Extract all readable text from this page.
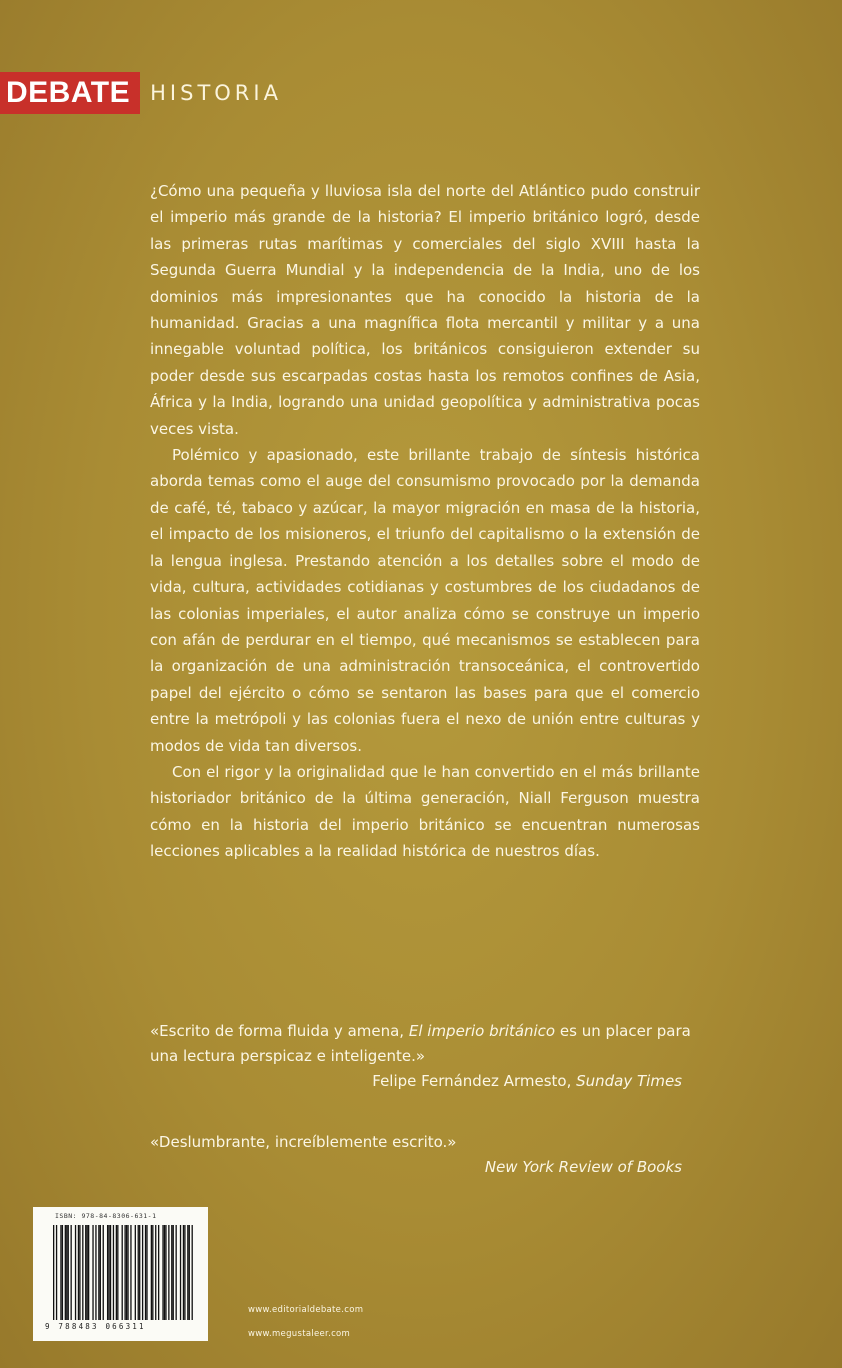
DEBATE HISTORIA

¿Cómo una pequeña y lluviosa isla del norte del Atlántico pudo construir el imperio más grande de la historia? El imperio británico logró, desde las primeras rutas marítimas y comerciales del siglo XVIII hasta la Segunda Guerra Mundial y la independencia de la India, uno de los dominios más impresionantes que ha conocido la historia de la humanidad. Gracias a una magnífica flota mercantil y militar y a una innegable voluntad política, los británicos consiguieron extender su poder desde sus escarpadas costas hasta los remotos confines de Asia, África y la India, logrando una unidad geopolítica y administrativa pocas veces vista.

Polémico y apasionado, este brillante trabajo de síntesis histórica aborda temas como el auge del consumismo provocado por la demanda de café, té, tabaco y azúcar, la mayor migración en masa de la historia, el impacto de los misioneros, el triunfo del capitalismo o la extensión de la lengua inglesa. Prestando atención a los detalles sobre el modo de vida, cultura, actividades cotidianas y costumbres de los ciudadanos de las colonias imperiales, el autor analiza cómo se construye un imperio con afán de perdurar en el tiempo, qué mecanismos se establecen para la organización de una administración transoceánica, el controvertido papel del ejército o cómo se sentaron las bases para que el comercio entre la metrópoli y las colonias fuera el nexo de unión entre culturas y modos de vida tan diversos.

Con el rigor y la originalidad que le han convertido en el más brillante historiador británico de la última generación, Niall Ferguson muestra cómo en la historia del imperio británico se encuentran numerosas lecciones aplicables a la realidad histórica de nuestros días.

«Escrito de forma fluida y amena, El imperio británico es un placer para una lectura perspicaz e inteligente.»

Felipe Fernández Armesto, Sunday Times

«Deslumbrante, increíblemente escrito.»

New York Review of Books

ISBN: 978-84-8306-631-1
9 788483 066311
www.editorialdebate.com
www.megustaleer.com
